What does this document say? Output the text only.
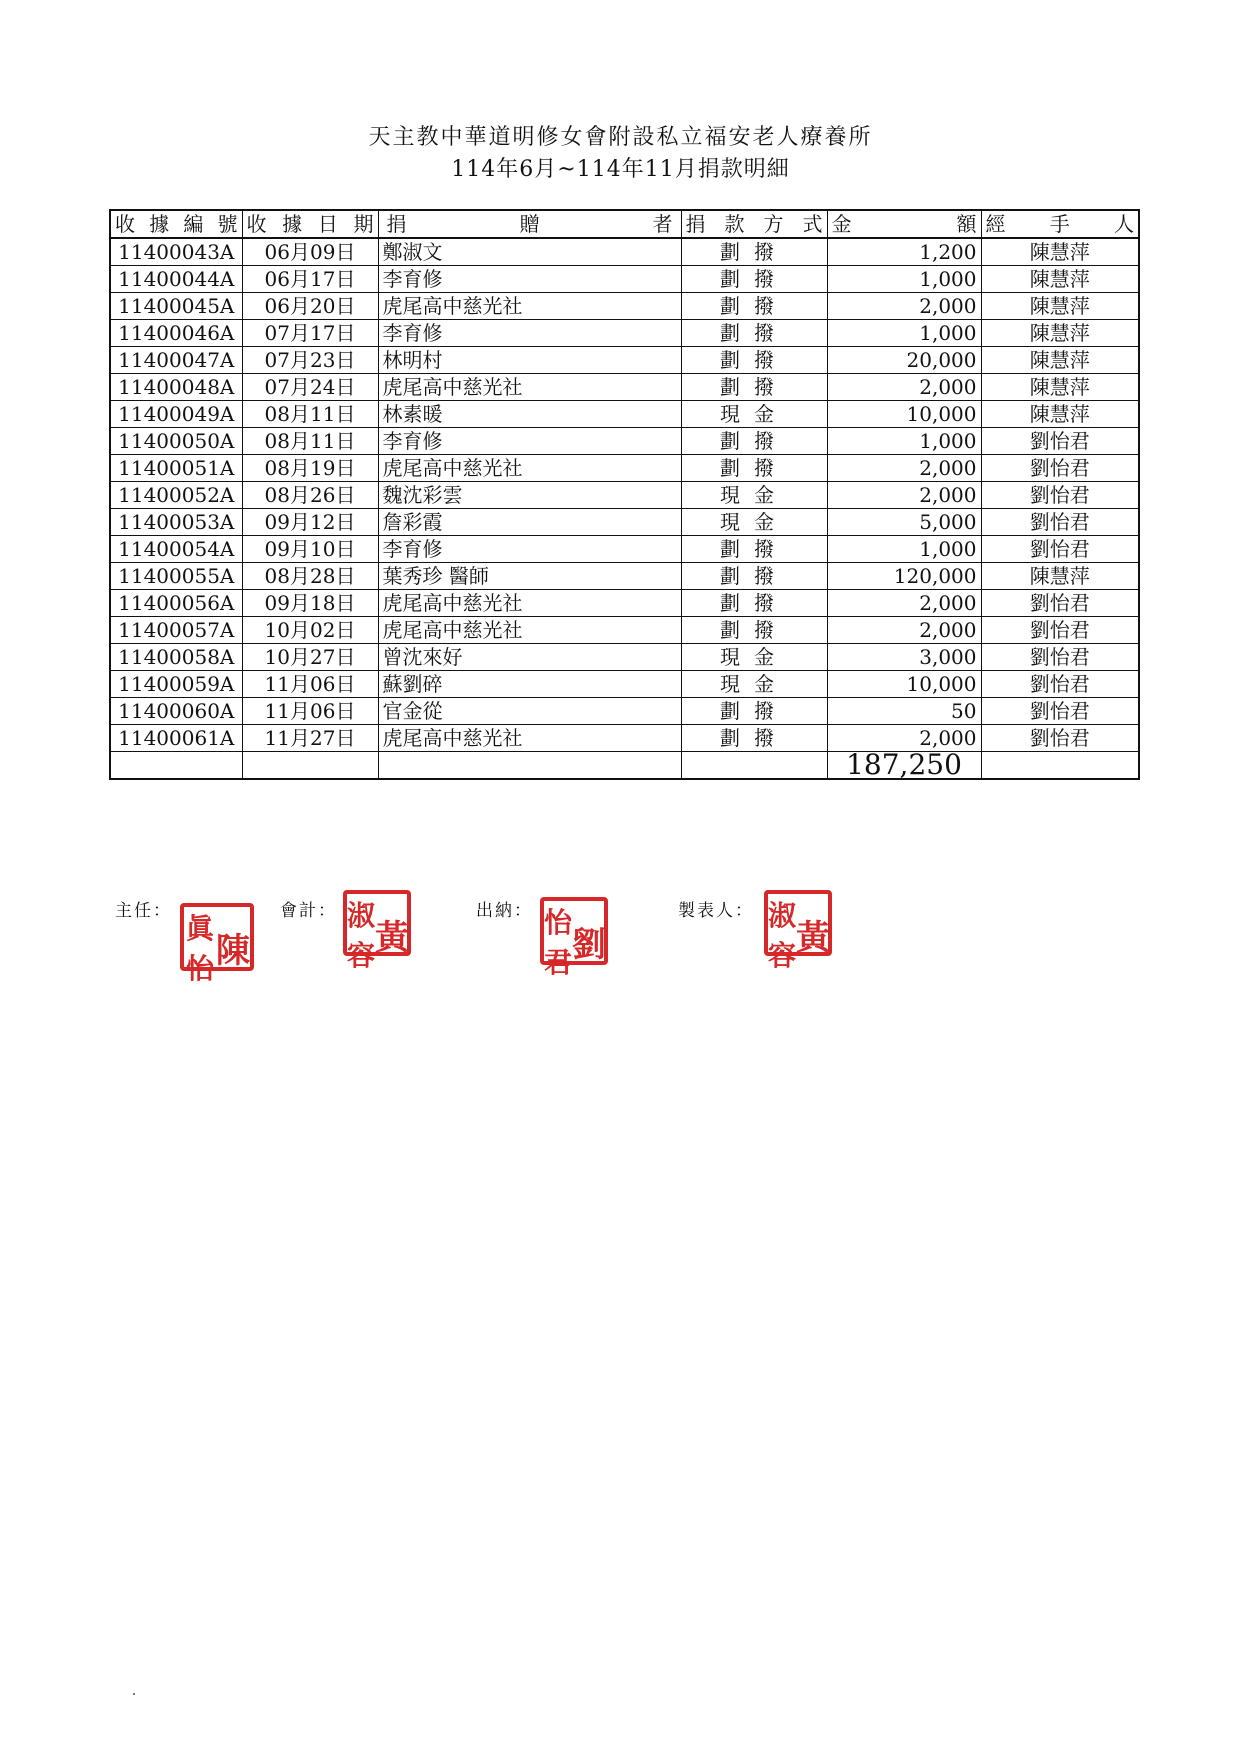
天主教中華道明修女會附設私立福安老人療養所
114年6月~114年11月捐款明細
收 據 編 號	收 據 日 期	捐 贈 者	捐 款 方 式	金 額	經 手 人

11400043A	06月09日	鄭淑文	劃撥	1,200	陳慧萍
11400044A	06月17日	李育修	劃撥	1,000	陳慧萍
11400045A	06月20日	虎尾高中慈光社	劃撥	2,000	陳慧萍
11400046A	07月17日	李育修	劃撥	1,000	陳慧萍
11400047A	07月23日	林明村	劃撥	20,000	陳慧萍
11400048A	07月24日	虎尾高中慈光社	劃撥	2,000	陳慧萍
11400049A	08月11日	林素暖	現金	10,000	陳慧萍
11400050A	08月11日	李育修	劃撥	1,000	劉怡君
11400051A	08月19日	虎尾高中慈光社	劃撥	2,000	劉怡君
11400052A	08月26日	魏沈彩雲	現金	2,000	劉怡君
11400053A	09月12日	詹彩霞	現金	5,000	劉怡君
11400054A	09月10日	李育修	劃撥	1,000	劉怡君
11400055A	08月28日	葉秀珍 醫師	劃撥	120,000	陳慧萍
11400056A	09月18日	虎尾高中慈光社	劃撥	2,000	劉怡君
11400057A	10月02日	虎尾高中慈光社	劃撥	2,000	劉怡君
11400058A	10月27日	曾沈來好	現金	3,000	劉怡君
11400059A	11月06日	蘇劉碎	現金	10,000	劉怡君
11400060A	11月06日	官金從	劃撥	50	劉怡君
11400061A	11月27日	虎尾高中慈光社	劃撥	2,000	劉怡君
				187,250	
主任：
陳
眞
怡
會計：
黃
淑
容
出納：
劉
怡
君
製表人：
黃
淑
容
